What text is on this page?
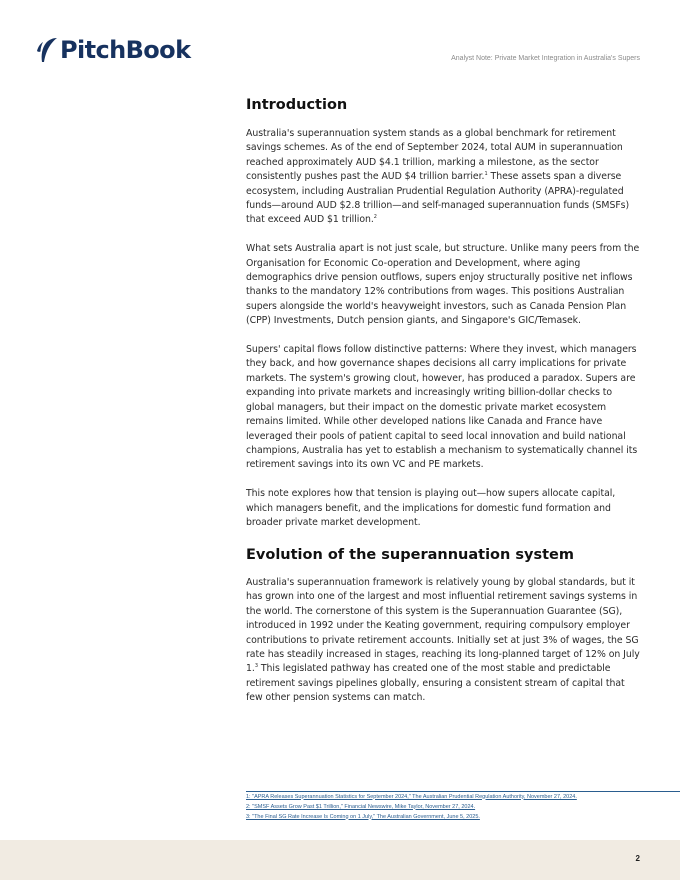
PitchBook	Analyst Note: Private Market Integration in Australia's Supers
Introduction

Australia's superannuation system stands as a global benchmark for retirement savings schemes. As of the end of September 2024, total AUM in superannuation reached approximately AUD $4.1 trillion, marking a milestone, as the sector consistently pushes past the AUD $4 trillion barrier.$^1$ These assets span a diverse ecosystem, including Australian Prudential Regulation Authority (APRA)-regulated funds—around AUD $2.8 trillion—and self-managed superannuation funds (SMSFs) that exceed AUD $1 trillion.$^2$

What sets Australia apart is not just scale, but structure. Unlike many peers from the Organisation for Economic Co-operation and Development, where aging demographics drive pension outflows, supers enjoy structurally positive net inflows thanks to the mandatory 12% contributions from wages. This positions Australian supers alongside the world's heavyweight investors, such as Canada Pension Plan (CPP) Investments, Dutch pension giants, and Singapore's GIC/Temasek.

Supers' capital flows follow distinctive patterns: Where they invest, which managers they back, and how governance shapes decisions all carry implications for private markets. The system's growing clout, however, has produced a paradox. Supers are expanding into private markets and increasingly writing billion-dollar checks to global managers, but their impact on the domestic private market ecosystem remains limited. While other developed nations like Canada and France have leveraged their pools of patient capital to seed local innovation and build national champions, Australia has yet to establish a mechanism to systematically channel its retirement savings into its own VC and PE markets.

This note explores how that tension is playing out—how supers allocate capital, which managers benefit, and the implications for domestic fund formation and broader private market development.

Evolution of the superannuation system

Australia's superannuation framework is relatively young by global standards, but it has grown into one of the largest and most influential retirement savings systems in the world. The cornerstone of this system is the Superannuation Guarantee (SG), introduced in 1992 under the Keating government, requiring compulsory employer contributions to private retirement accounts. Initially set at just 3% of wages, the SG rate has steadily increased in stages, reaching its long-planned target of 12% on July 1.$^3$ This legislated pathway has created one of the most stable and predictable retirement savings pipelines globally, ensuring a consistent stream of capital that few other pension systems can match.

1: "APRA Releases Superannuation Statistics for September 2024," The Australian Prudential Regulation Authority, November 27, 2024.
2: "SMSF Assets Grow Past $1 Trillion," Financial Newswire, Mike Taylor, November 27, 2024.
3: "The Final SG Rate Increase Is Coming on 1 July," The Australian Government, June 5, 2025.
2
